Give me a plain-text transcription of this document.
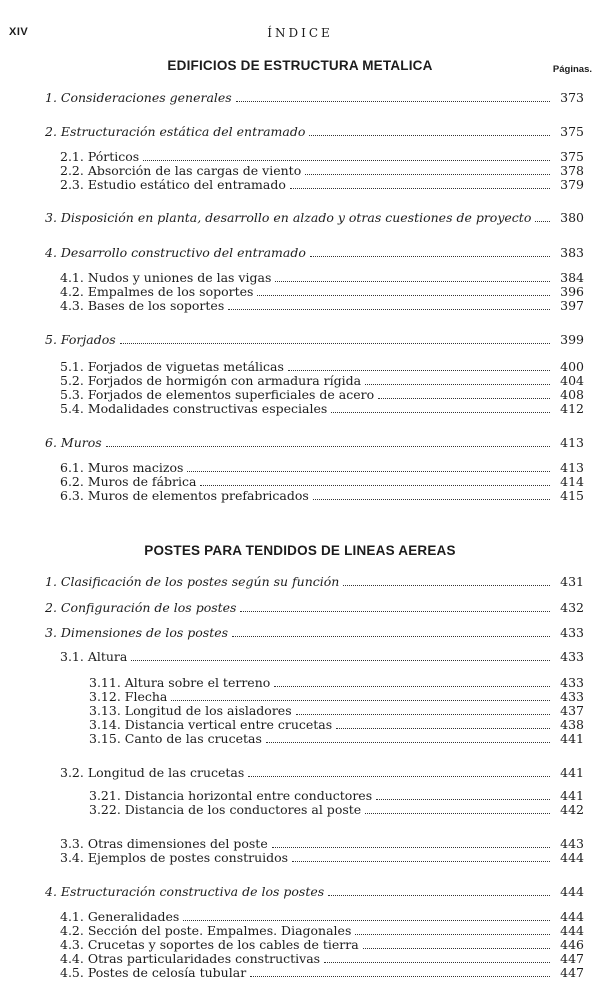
XIV	ÍNDICE
EDIFICIOS DE ESTRUCTURA METALICA	Páginas.
1. Consideraciones generales	373
2. Estructuración estática del entramado	375
2.1. Pórticos	375
2.2. Absorción de las cargas de viento	378
2.3. Estudio estático del entramado	379
3. Disposición en planta, desarrollo en alzado y otras cuestiones de proyecto	380
4. Desarrollo constructivo del entramado	383
4.1. Nudos y uniones de las vigas	384
4.2. Empalmes de los soportes	396
4.3. Bases de los soportes	397
5. Forjados	399
5.1. Forjados de viguetas metálicas	400
5.2. Forjados de hormigón con armadura rígida	404
5.3. Forjados de elementos superficiales de acero	408
5.4. Modalidades constructivas especiales	412
6. Muros	413
6.1. Muros macizos	413
6.2. Muros de fábrica	414
6.3. Muros de elementos prefabricados	415
POSTES PARA TENDIDOS DE LINEAS AEREAS
1. Clasificación de los postes según su función	431
2. Configuración de los postes	432
3. Dimensiones de los postes	433
3.1. Altura	433
3.11. Altura sobre el terreno	433
3.12. Flecha	433
3.13. Longitud de los aisladores	437
3.14. Distancia vertical entre crucetas	438
3.15. Canto de las crucetas	441
3.2. Longitud de las crucetas	441
3.21. Distancia horizontal entre conductores	441
3.22. Distancia de los conductores al poste	442
3.3. Otras dimensiones del poste	443
3.4. Ejemplos de postes construidos	444
4. Estructuración constructiva de los postes	444
4.1. Generalidades	444
4.2. Sección del poste. Empalmes. Diagonales	444
4.3. Crucetas y soportes de los cables de tierra	446
4.4. Otras particularidades constructivas	447
4.5. Postes de celosía tubular	447
